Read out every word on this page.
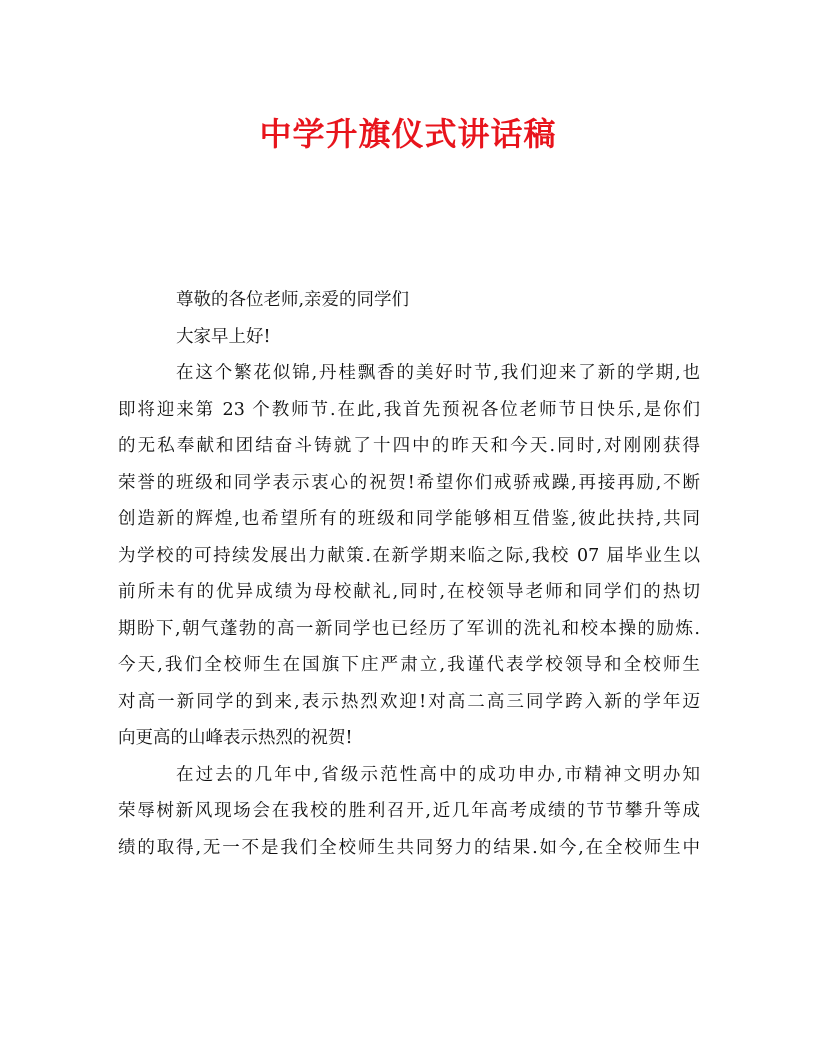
中学升旗仪式讲话稿
尊敬的各位老师,亲爱的同学们
大家早上好!
在这个繁花似锦,丹桂飘香的美好时节,我们迎来了新的学期,也
即将迎来第 23 个教师节.在此,我首先预祝各位老师节日快乐,是你们
的无私奉献和团结奋斗铸就了十四中的昨天和今天.同时,对刚刚获得
荣誉的班级和同学表示衷心的祝贺!希望你们戒骄戒躁,再接再励,不断
创造新的辉煌,也希望所有的班级和同学能够相互借鉴,彼此扶持,共同
为学校的可持续发展出力献策.在新学期来临之际,我校 07 届毕业生以
前所未有的优异成绩为母校献礼,同时,在校领导老师和同学们的热切
期盼下,朝气蓬勃的高一新同学也已经历了军训的洗礼和校本操的励炼.
今天,我们全校师生在国旗下庄严肃立,我谨代表学校领导和全校师生
对高一新同学的到来,表示热烈欢迎!对高二高三同学跨入新的学年迈
向更高的山峰表示热烈的祝贺!
在过去的几年中,省级示范性高中的成功申办,市精神文明办知
荣辱树新风现场会在我校的胜利召开,近几年高考成绩的节节攀升等成
绩的取得,无一不是我们全校师生共同努力的结果.如今,在全校师生中
